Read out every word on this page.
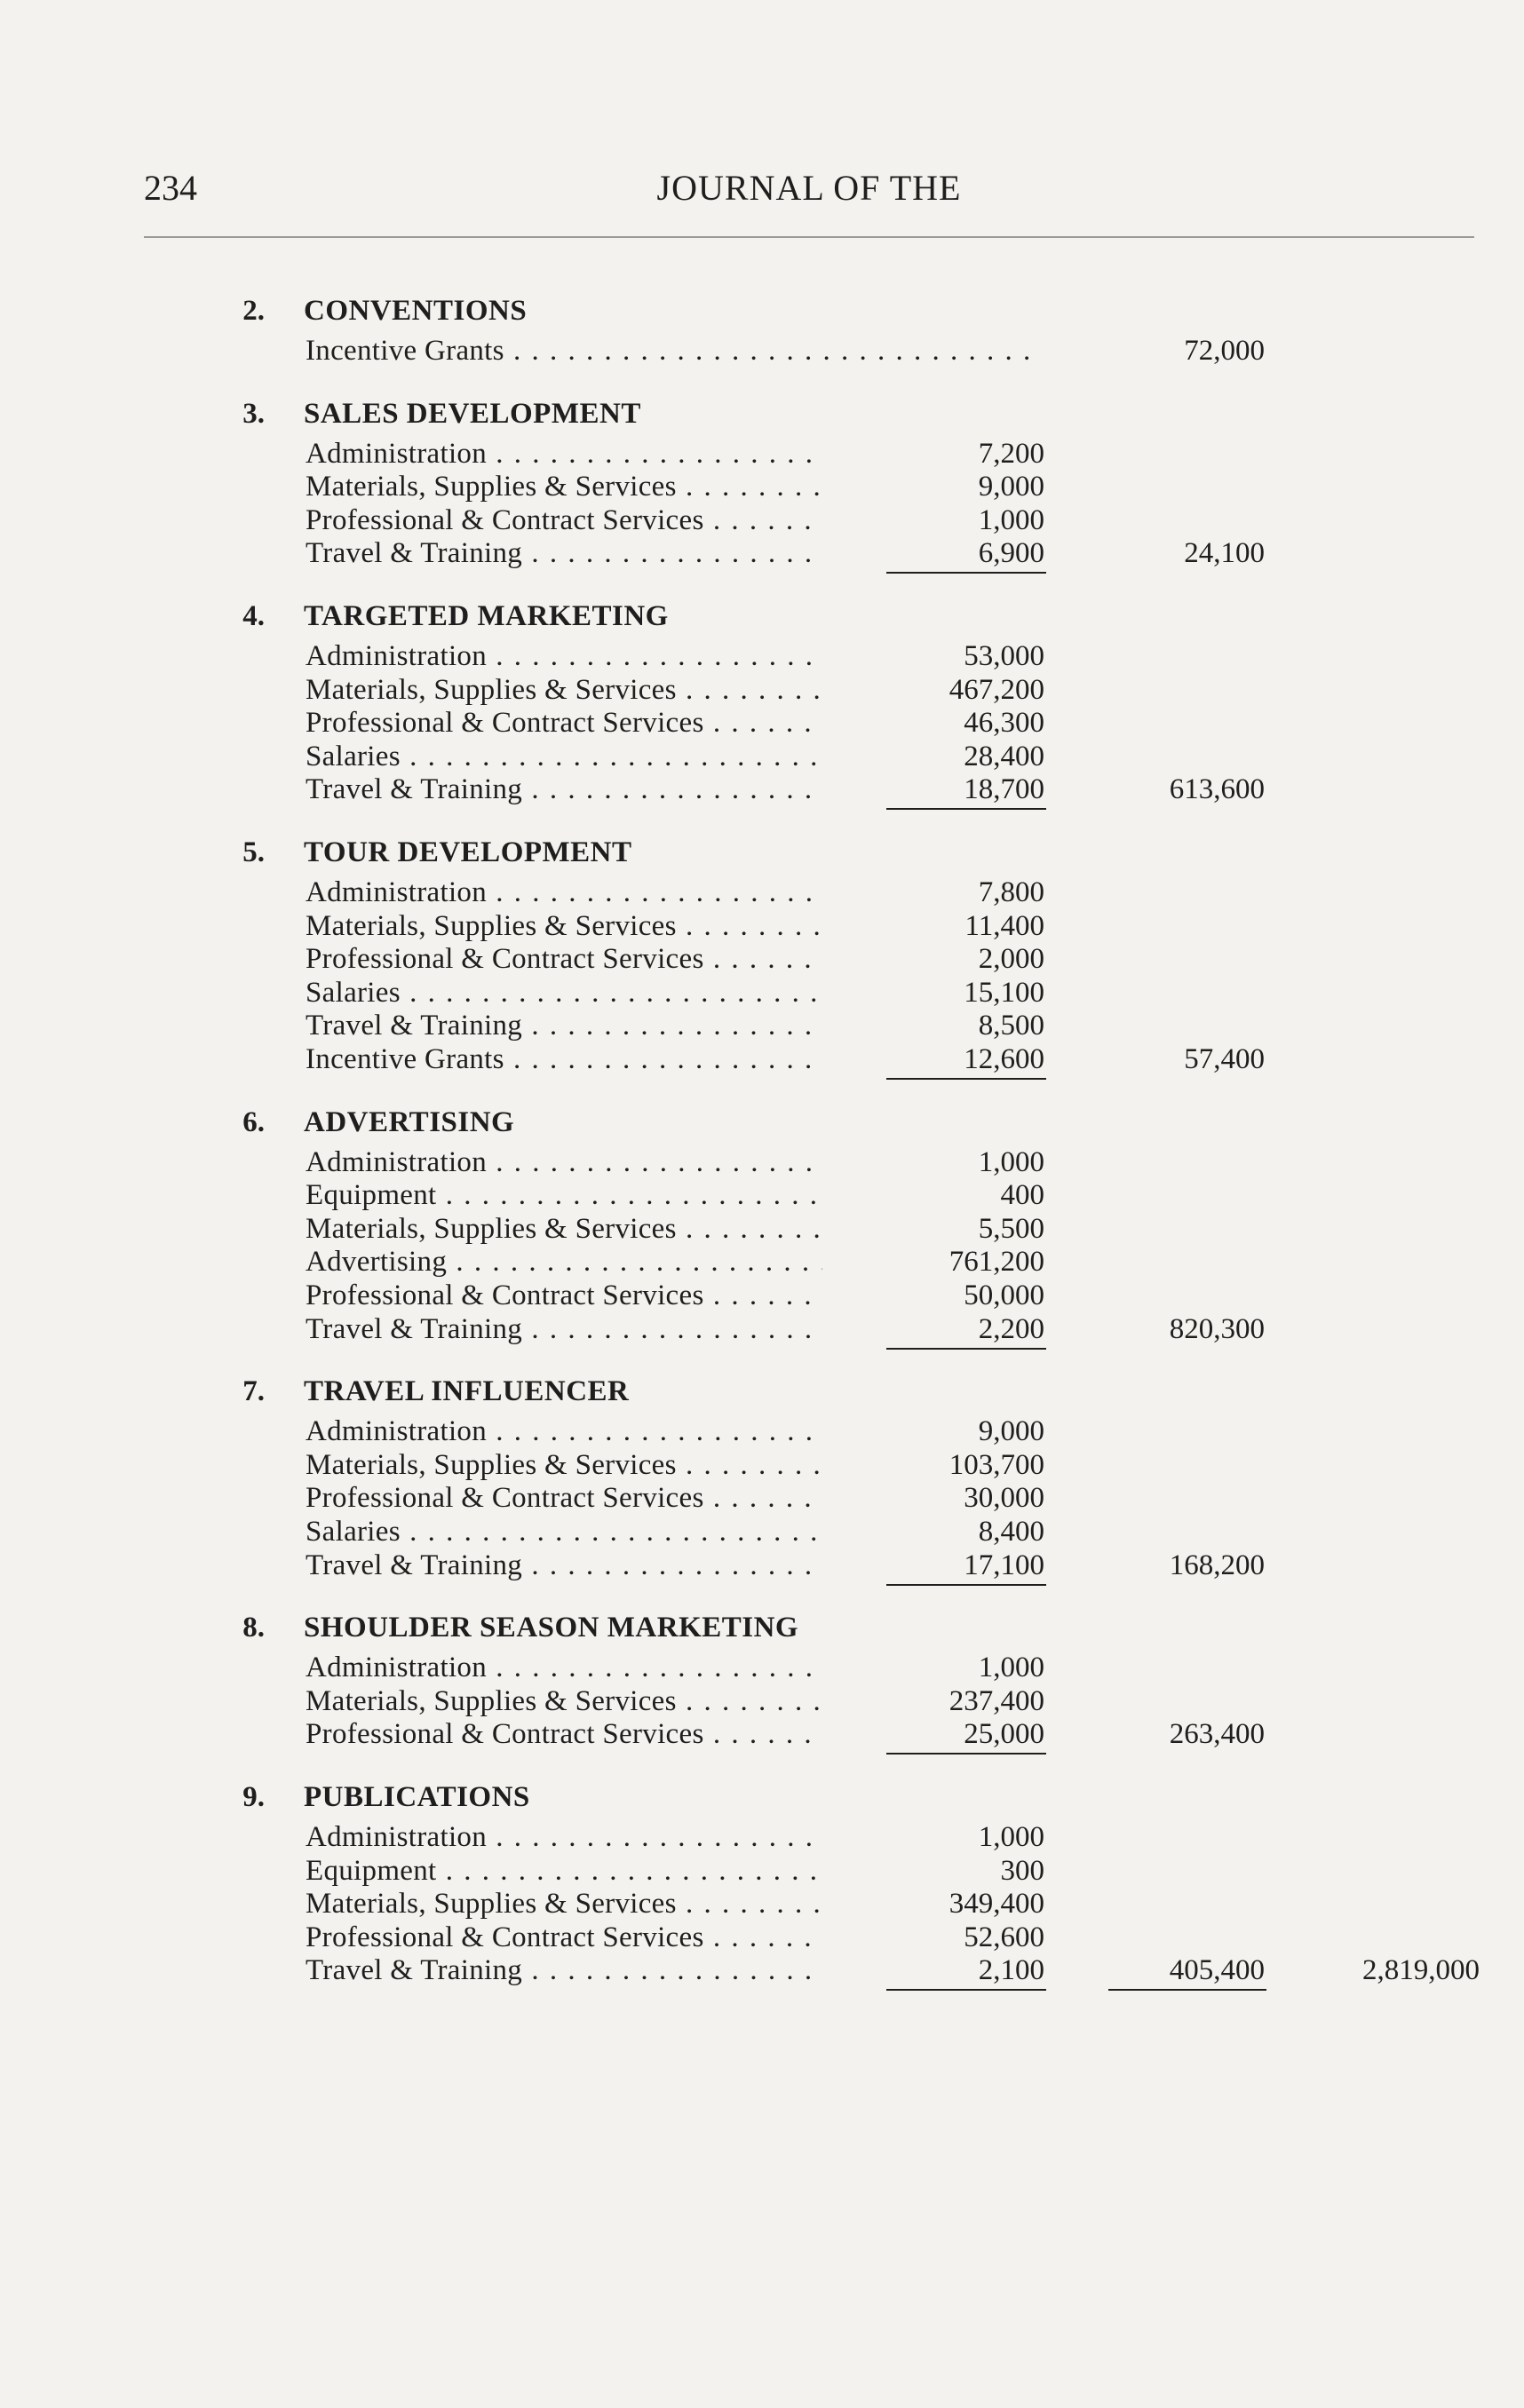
234	JOURNAL OF THE
2. CONVENTIONS
Incentive Grants . . .	72,000
3. SALES DEVELOPMENT
Administration . . .	7,200
Materials, Supplies & Services . . .	9,000
Professional & Contract Services . . .	1,000
Travel & Training . . .	6,900	24,100
4. TARGETED MARKETING
Administration . . .	53,000
Materials, Supplies & Services . . .	467,200
Professional & Contract Services . . .	46,300
Salaries . . .	28,400
Travel & Training . . .	18,700	613,600
5. TOUR DEVELOPMENT
Administration . . .	7,800
Materials, Supplies & Services . . .	11,400
Professional & Contract Services . . .	2,000
Salaries . . .	15,100
Travel & Training . . .	8,500
Incentive Grants . . .	12,600	57,400
6. ADVERTISING
Administration . . .	1,000
Equipment . . .	400
Materials, Supplies & Services . . .	5,500
Advertising . . .	761,200
Professional & Contract Services . . .	50,000
Travel & Training . . .	2,200	820,300
7. TRAVEL INFLUENCER
Administration . . .	9,000
Materials, Supplies & Services . . .	103,700
Professional & Contract Services . . .	30,000
Salaries . . .	8,400
Travel & Training . . .	17,100	168,200
8. SHOULDER SEASON MARKETING
Administration . . .	1,000
Materials, Supplies & Services . . .	237,400
Professional & Contract Services . . .	25,000	263,400
9. PUBLICATIONS
Administration . . .	1,000
Equipment . . .	300
Materials, Supplies & Services . . .	349,400
Professional & Contract Services . . .	52,600
Travel & Training . . .	2,100	405,400	2,819,000
